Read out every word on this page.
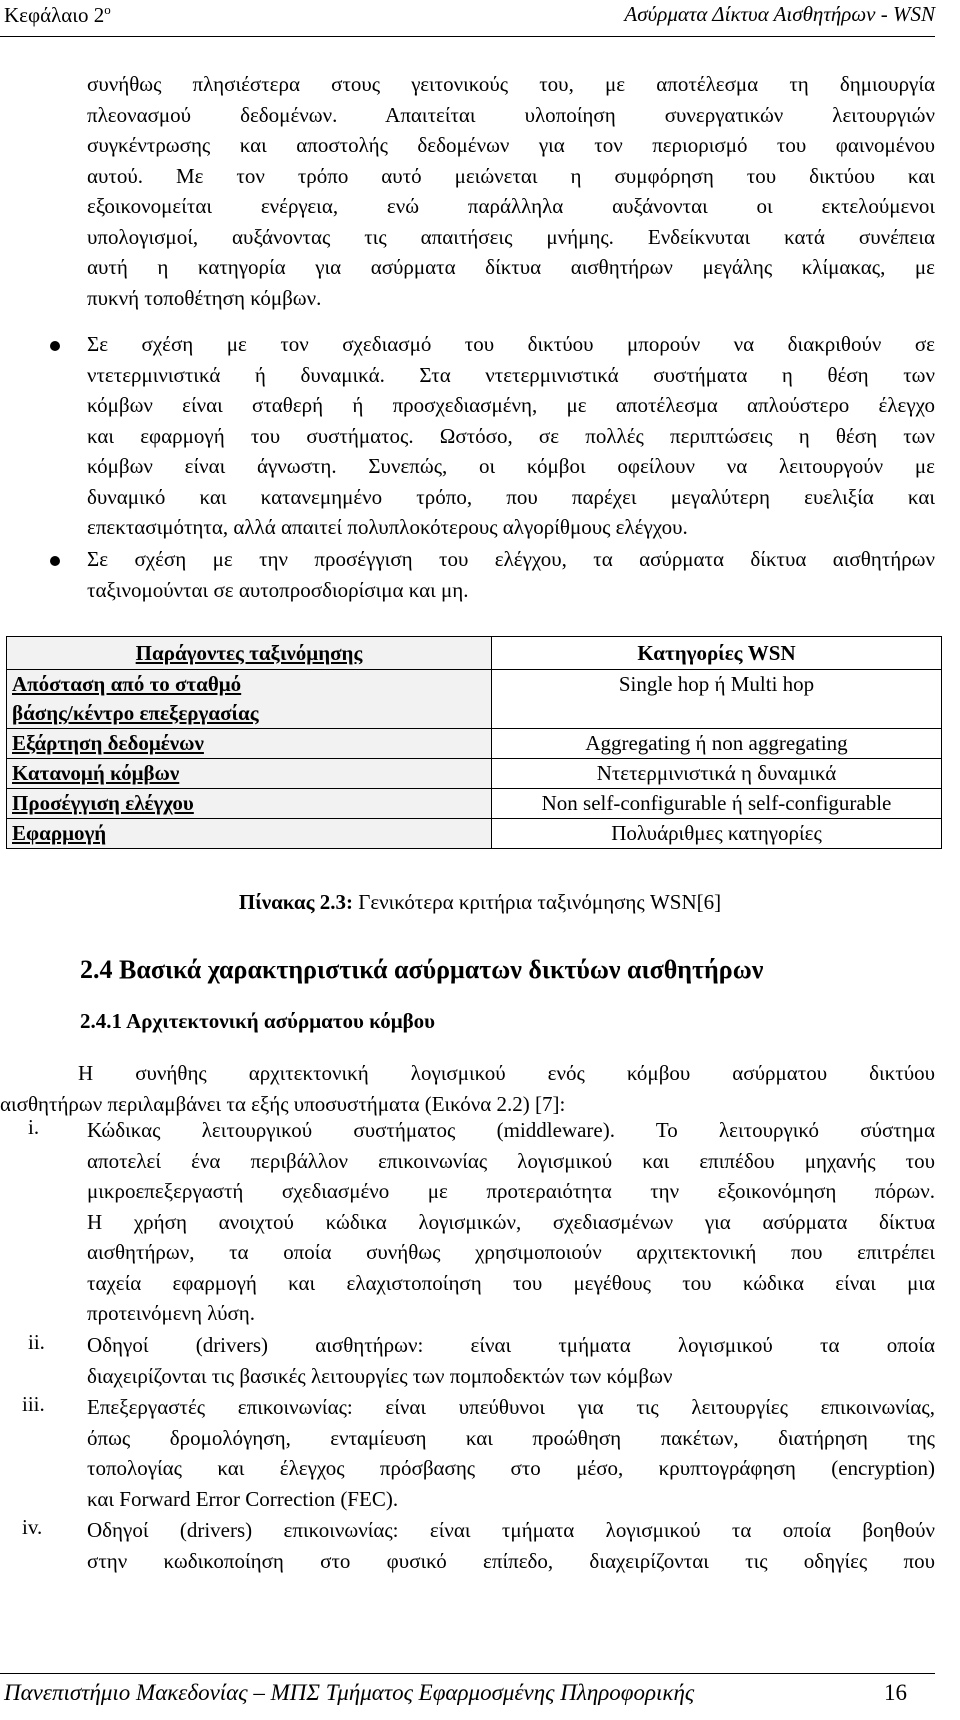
Κεφάλαιο $2^o$	Ασύρματα Δίκτυα Αισθητήρων - WSN
συνήθως πλησιέστερα στους γειτονικούς του, με αποτέλεσμα τη δημιουργία
πλεονασμού δεδομένων. Απαιτείται υλοποίηση συνεργατικών λειτουργιών
συγκέντρωσης και αποστολής δεδομένων για τον περιορισμό του φαινομένου
αυτού. Με τον τρόπο αυτό μειώνεται η συμφόρηση του δικτύου και
εξοικονομείται ενέργεια, ενώ παράλληλα αυξάνονται οι εκτελούμενοι
υπολογισμοί, αυξάνοντας τις απαιτήσεις μνήμης. Ενδείκνυται κατά συνέπεια
αυτή η κατηγορία για ασύρματα δίκτυα αισθητήρων μεγάλης κλίμακας, με
πυκνή τοποθέτηση κόμβων.
Σε σχέση με τον σχεδιασμό του δικτύου μπορούν να διακριθούν σε
ντετερμινιστικά ή δυναμικά. Στα ντετερμινιστικά συστήματα η θέση των
κόμβων είναι σταθερή ή προσχεδιασμένη, με αποτέλεσμα απλούστερο έλεγχο
και εφαρμογή του συστήματος. Ωστόσο, σε πολλές περιπτώσεις η θέση των
κόμβων είναι άγνωστη. Συνεπώς, οι κόμβοι οφείλουν να λειτουργούν με
δυναμικό και κατανεμημένο τρόπο, που παρέχει μεγαλύτερη ευελιξία και
επεκτασιμότητα, αλλά απαιτεί πολυπλοκότερους αλγορίθμους ελέγχου.
Σε σχέση με την προσέγγιση του ελέγχου, τα ασύρματα δίκτυα αισθητήρων
ταξινομούνται σε αυτοπροσδιορίσιμα και μη.
Παράγοντες ταξινόμησης	Κατηγορίες WSN

Απόσταση από το σταθμό
βάσης/κέντρο επεξεργασίας	Single hop ή Multi hop
Εξάρτηση δεδομένων	Aggregating ή non aggregating
Κατανομή κόμβων	Ντετερμινιστικά η δυναμικά
Προσέγγιση ελέγχου	Non self-configurable ή self-configurable
Εφαρμογή	Πολυάριθμες κατηγορίες
Πίνακας 2.3: Γενικότερα κριτήρια ταξινόμησης WSN[6]
2.4 Βασικά χαρακτηριστικά ασύρματων δικτύων αισθητήρων
2.4.1 Αρχιτεκτονική ασύρματου κόμβου
Η συνήθης αρχιτεκτονική λογισμικού ενός κόμβου ασύρματου δικτύου
αισθητήρων περιλαμβάνει τα εξής υποσυστήματα (Εικόνα 2.2) [7]:
i. Κώδικας λειτουργικού συστήματος (middleware). Το λειτουργικό σύστημα
αποτελεί ένα περιβάλλον επικοινωνίας λογισμικού και επιπέδου μηχανής του
μικροεπεξεργαστή σχεδιασμένο με προτεραιότητα την εξοικονόμηση πόρων.
Η χρήση ανοιχτού κώδικα λογισμικών, σχεδιασμένων για ασύρματα δίκτυα
αισθητήρων, τα οποία συνήθως χρησιμοποιούν αρχιτεκτονική που επιτρέπει
ταχεία εφαρμογή και ελαχιστοποίηση του μεγέθους του κώδικα είναι μια
προτεινόμενη λύση.
ii. Οδηγοί (drivers) αισθητήρων: είναι τμήματα λογισμικού τα οποία
διαχειρίζονται τις βασικές λειτουργίες των πομποδεκτών των κόμβων
iii. Επεξεργαστές επικοινωνίας: είναι υπεύθυνοι για τις λειτουργίες επικοινωνίας,
όπως δρομολόγηση, ενταμίευση και προώθηση πακέτων, διατήρηση της
τοπολογίας και έλεγχος πρόσβασης στο μέσο, κρυπτογράφηση (encryption)
και Forward Error Correction (FEC).
iv. Οδηγοί (drivers) επικοινωνίας: είναι τμήματα λογισμικού τα οποία βοηθούν
στην κωδικοποίηση στο φυσικό επίπεδο, διαχειρίζονται τις οδηγίες που
Πανεπιστήμιο Μακεδονίας – ΜΠΣ Τμήματος Εφαρμοσμένης Πληροφορικής	16
